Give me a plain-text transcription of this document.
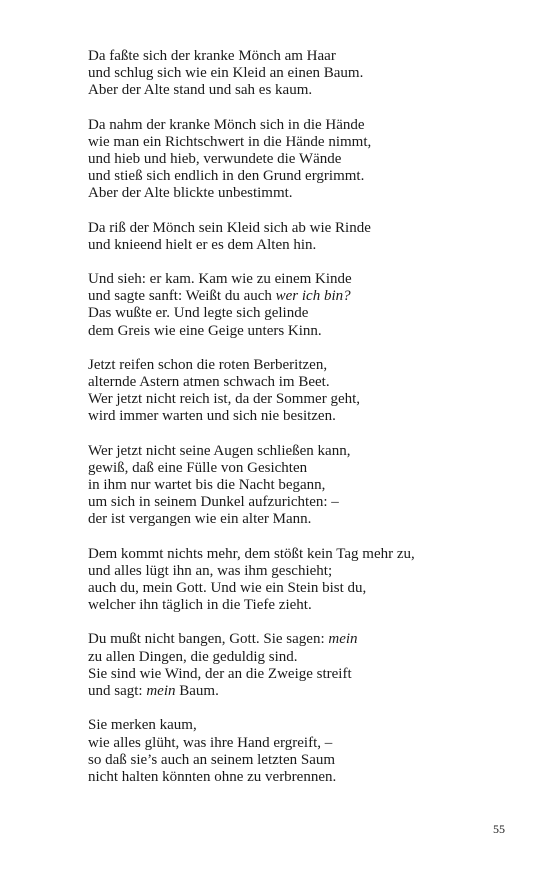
Da faßte sich der kranke Mönch am Haar
und schlug sich wie ein Kleid an einen Baum.
Aber der Alte stand und sah es kaum.
Da nahm der kranke Mönch sich in die Hände
wie man ein Richtschwert in die Hände nimmt,
und hieb und hieb, verwundete die Wände
und stieß sich endlich in den Grund ergrimmt.
Aber der Alte blickte unbestimmt.
Da riß der Mönch sein Kleid sich ab wie Rinde
und knieend hielt er es dem Alten hin.
Und sieh: er kam. Kam wie zu einem Kinde
und sagte sanft: Weißt du auch wer ich bin?
Das wußte er. Und legte sich gelinde
dem Greis wie eine Geige unters Kinn.
Jetzt reifen schon die roten Berberitzen,
alternde Astern atmen schwach im Beet.
Wer jetzt nicht reich ist, da der Sommer geht,
wird immer warten und sich nie besitzen.
Wer jetzt nicht seine Augen schließen kann,
gewiß, daß eine Fülle von Gesichten
in ihm nur wartet bis die Nacht begann,
um sich in seinem Dunkel aufzurichten: –
der ist vergangen wie ein alter Mann.
Dem kommt nichts mehr, dem stößt kein Tag mehr zu,
und alles lügt ihn an, was ihm geschieht;
auch du, mein Gott. Und wie ein Stein bist du,
welcher ihn täglich in die Tiefe zieht.
Du mußt nicht bangen, Gott. Sie sagen: mein
zu allen Dingen, die geduldig sind.
Sie sind wie Wind, der an die Zweige streift
und sagt: mein Baum.
Sie merken kaum,
wie alles glüht, was ihre Hand ergreift, –
so daß sie’s auch an seinem letzten Saum
nicht halten könnten ohne zu verbrennen.
55
